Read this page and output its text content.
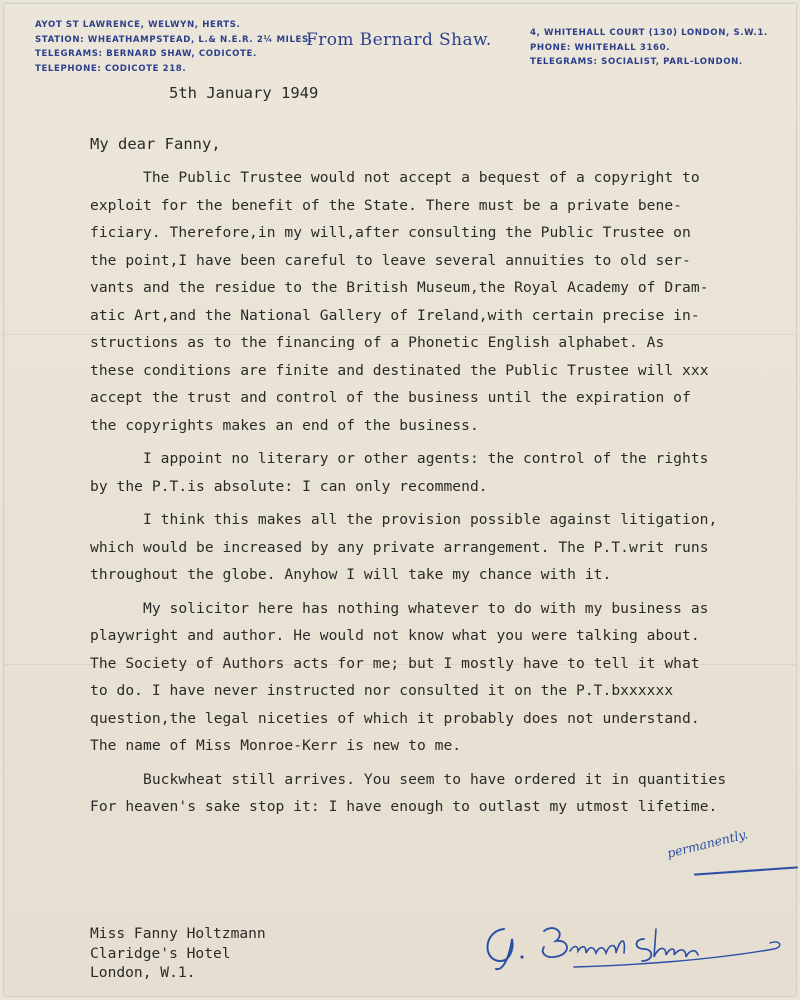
AYOT ST LAWRENCE, WELWYN, HERTS.
STATION: WHEATHAMPSTEAD, L.& N.E.R. 2¼ MILES.
TELEGRAMS: BERNARD SHAW, CODICOTE.
TELEPHONE: CODICOTE 218.
From Bernard Shaw.	4, WHITEHALL COURT (130) LONDON, S.W.1.
PHONE: WHITEHALL 3160.
TELEGRAMS: SOCIALIST, PARL-LONDON.
5th January 1949
My dear Fanny,
The Public Trustee would not accept a bequest of a copyright to
exploit for the benefit of the State. There must be a private bene-
ficiary. Therefore,in my will,after consulting the Public Trustee on
the point,I have been careful to leave several annuities to old ser-
vants and the residue to the British Museum,the Royal Academy of Dram-
atic Art,and the National Gallery of Ireland,with certain precise in-
structions as to the financing of a Phonetic English alphabet. As
these conditions are finite and destinated the Public Trustee will xxx
accept the trust and control of the business until the expiration of
the copyrights makes an end of the business.
I appoint no literary or other agents: the control of the rights
by the P.T.is absolute: I can only recommend.
I think this makes all the provision possible against litigation,
which would be increased by any private arrangement. The P.T.writ runs
throughout the globe. Anyhow I will take my chance with it.
My solicitor here has nothing whatever to do with my business as
playwright and author. He would not know what you were talking about.
The Society of Authors acts for me; but I mostly have to tell it what
to do. I have never instructed nor consulted it on the P.T.bxxxxxx
question,the legal niceties of which it probably does not understand.
The name of Miss Monroe-Kerr is new to me.
Buckwheat still arrives. You seem to have ordered it in quantities
For heaven's sake stop it: I have enough to outlast my utmost lifetime.
permanently.
Miss Fanny Holtzmann
Claridge's Hotel
London, W.1.
